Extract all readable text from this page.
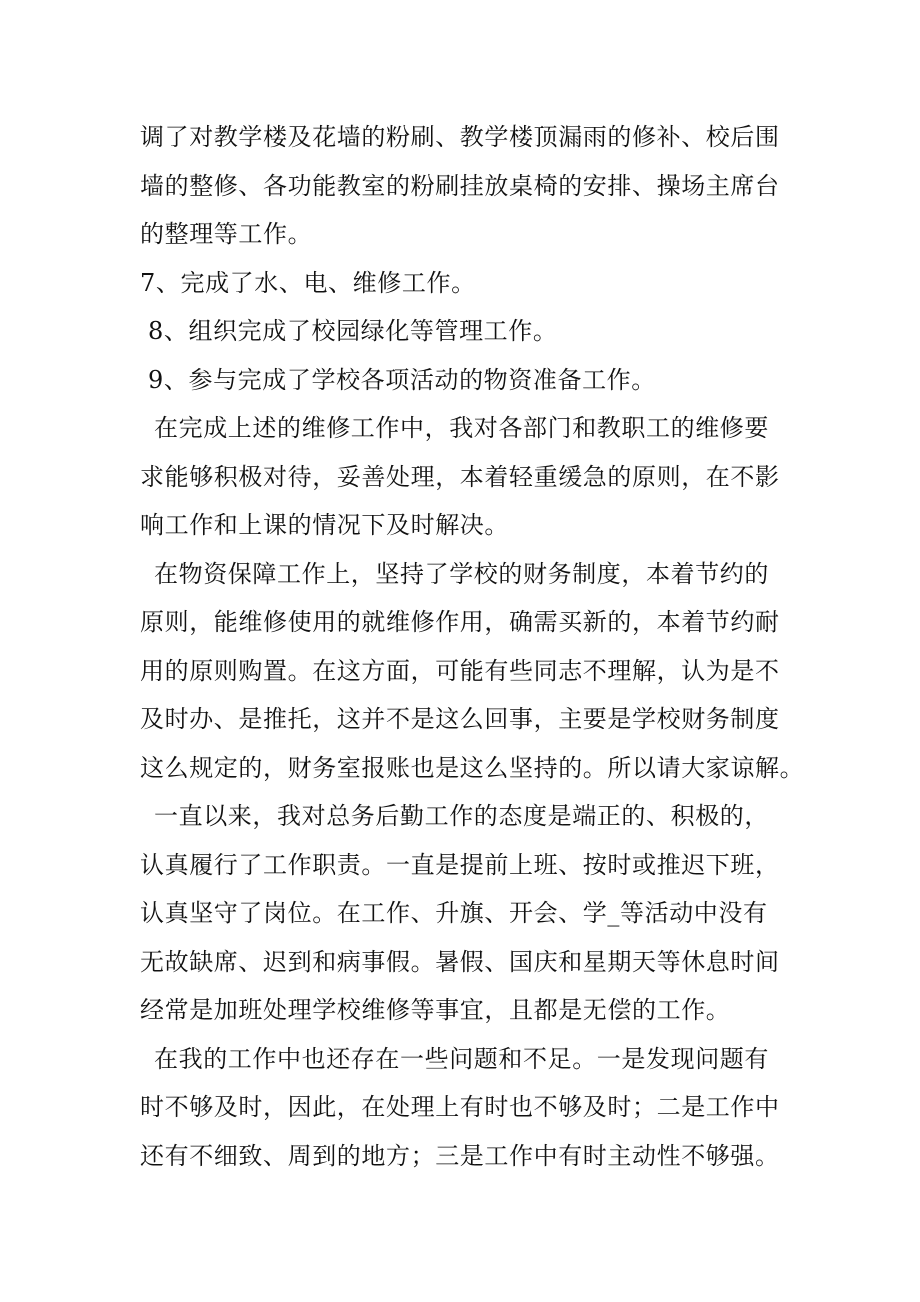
调了对教学楼及花墙的粉刷、教学楼顶漏雨的修补、校后围
墙的整修、各功能教室的粉刷挂放桌椅的安排、操场主席台
的整理等工作。
7、完成了水、电、维修工作。
8、组织完成了校园绿化等管理工作。
9、参与完成了学校各项活动的物资准备工作。
在完成上述的维修工作中，我对各部门和教职工的维修要
求能够积极对待，妥善处理，本着轻重缓急的原则，在不影
响工作和上课的情况下及时解决。
在物资保障工作上，坚持了学校的财务制度，本着节约的
原则，能维修使用的就维修作用，确需买新的，本着节约耐
用的原则购置。在这方面，可能有些同志不理解，认为是不
及时办、是推托，这并不是这么回事，主要是学校财务制度
这么规定的，财务室报账也是这么坚持的。所以请大家谅解。
一直以来，我对总务后勤工作的态度是端正的、积极的，
认真履行了工作职责。一直是提前上班、按时或推迟下班，
认真坚守了岗位。在工作、升旗、开会、学_等活动中没有
无故缺席、迟到和病事假。暑假、国庆和星期天等休息时间
经常是加班处理学校维修等事宜，且都是无偿的工作。
在我的工作中也还存在一些问题和不足。一是发现问题有
时不够及时，因此，在处理上有时也不够及时；二是工作中
还有不细致、周到的地方；三是工作中有时主动性不够强。
